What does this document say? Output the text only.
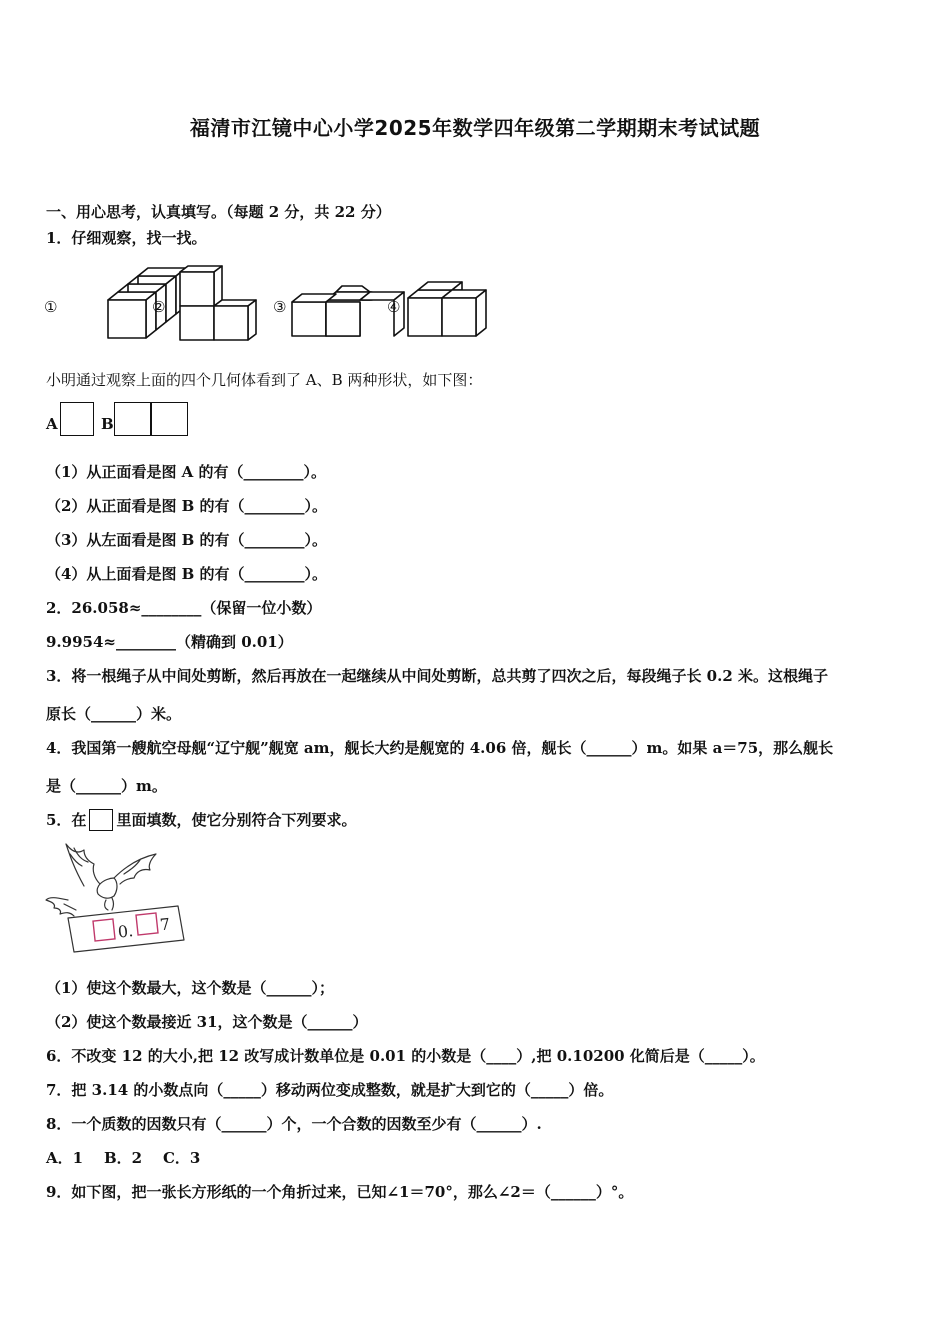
福清市江镜中心小学2025年数学四年级第二学期期末考试试题
一、用心思考，认真填写。（每题 2 分，共 22 分）
1．仔细观察，找一找。
①	②	③	④
小明通过观察上面的四个几何体看到了 A、B 两种形状，如下图：
A	B
（1）从正面看是图 A 的有（________）。
（2）从正面看是图 B 的有（________）。
（3）从左面看是图 B 的有（________）。
（4）从上面看是图 B 的有（________）。
2．26.058≈________（保留一位小数）
9.9954≈________（精确到 0.01）
3．将一根绳子从中间处剪断，然后再放在一起继续从中间处剪断，总共剪了四次之后，每段绳子长 0.2 米。这根绳子
原长（______）米。
4．我国第一艘航空母舰“辽宁舰”舰宽 am，舰长大约是舰宽的 4.06 倍，舰长（______）m。如果 a＝75，那么舰长
是（______）m。
5．在 里面填数，使它分别符合下列要求。
0. 7
（1）使这个数最大，这个数是（______）；
（2）使这个数最接近 31，这个数是（______）
6．不改变 12 的大小,把 12 改写成计数单位是 0.01 的小数是（____）,把 0.10200 化简后是（_____）。
7．把 3.14 的小数点向（_____）移动两位变成整数，就是扩大到它的（_____）倍。
8．一个质数的因数只有（______）个，一个合数的因数至少有（______）.
A．1    B．2    C．3
9．如下图，把一张长方形纸的一个角折过来，已知∠1＝70°，那么∠2＝（______）°。
